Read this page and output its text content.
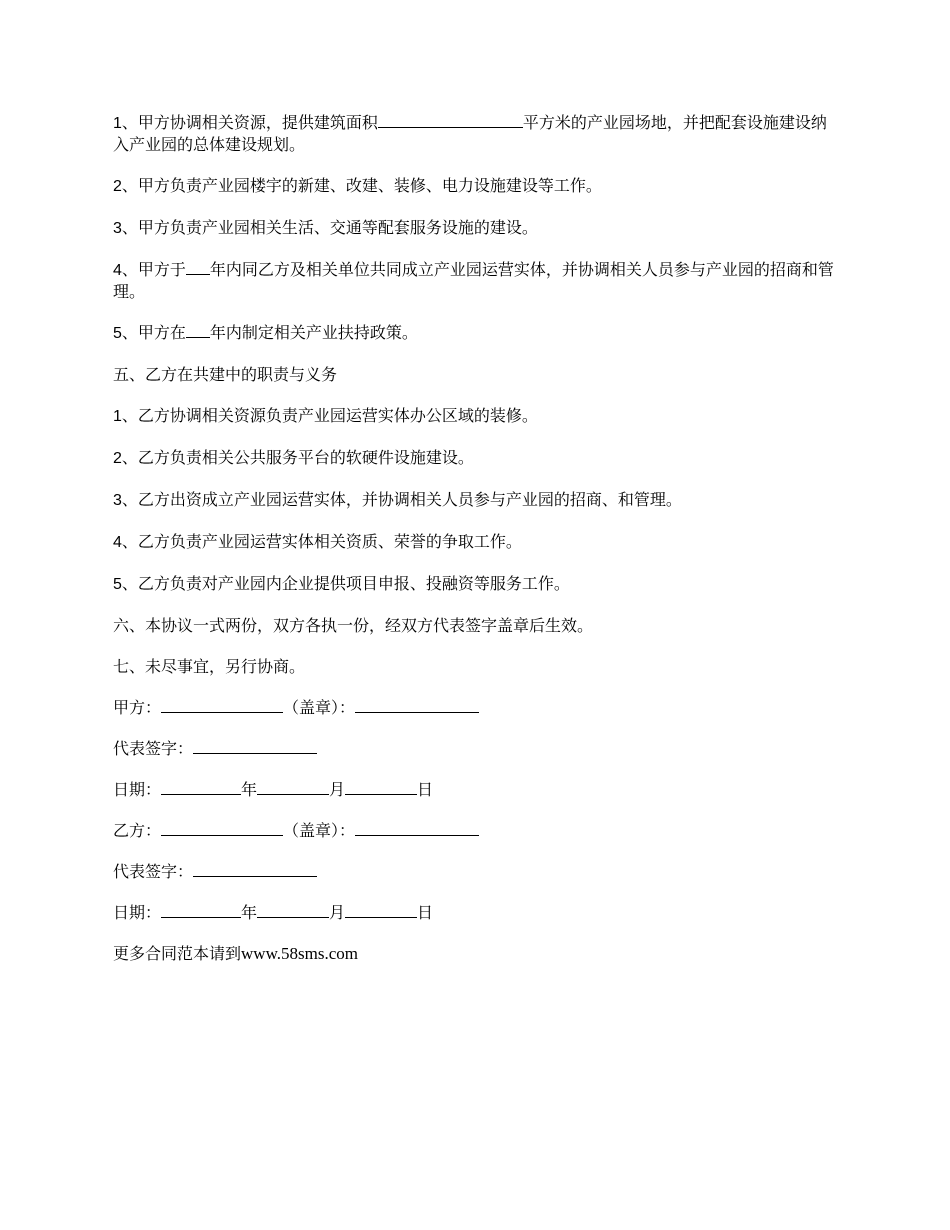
1、甲方协调相关资源，提供建筑面积	平方米的产业园场地，并把配套设施建设纳入产业园的总体建设规划。
2、甲方负责产业园楼宇的新建、改建、装修、电力设施建设等工作。
3、甲方负责产业园相关生活、交通等配套服务设施的建设。
4、甲方于 年内同乙方及相关单位共同成立产业园运营实体，并协调相关人员参与产业园的招商和管理。
5、甲方在 年内制定相关产业扶持政策。
五、乙方在共建中的职责与义务
1、乙方协调相关资源负责产业园运营实体办公区域的装修。
2、乙方负责相关公共服务平台的软硬件设施建设。
3、乙方出资成立产业园运营实体，并协调相关人员参与产业园的招商、和管理。
4、乙方负责产业园运营实体相关资质、荣誉的争取工作。
5、乙方负责对产业园内企业提供项目申报、投融资等服务工作。
六、本协议一式两份，双方各执一份，经双方代表签字盖章后生效。
七、未尽事宜，另行协商。
甲方：	（盖章）：
代表签字：
日期：	年	月	日
乙方：	（盖章）：
代表签字：
日期：	年	月	日
更多合同范本请到www.58sms.com
